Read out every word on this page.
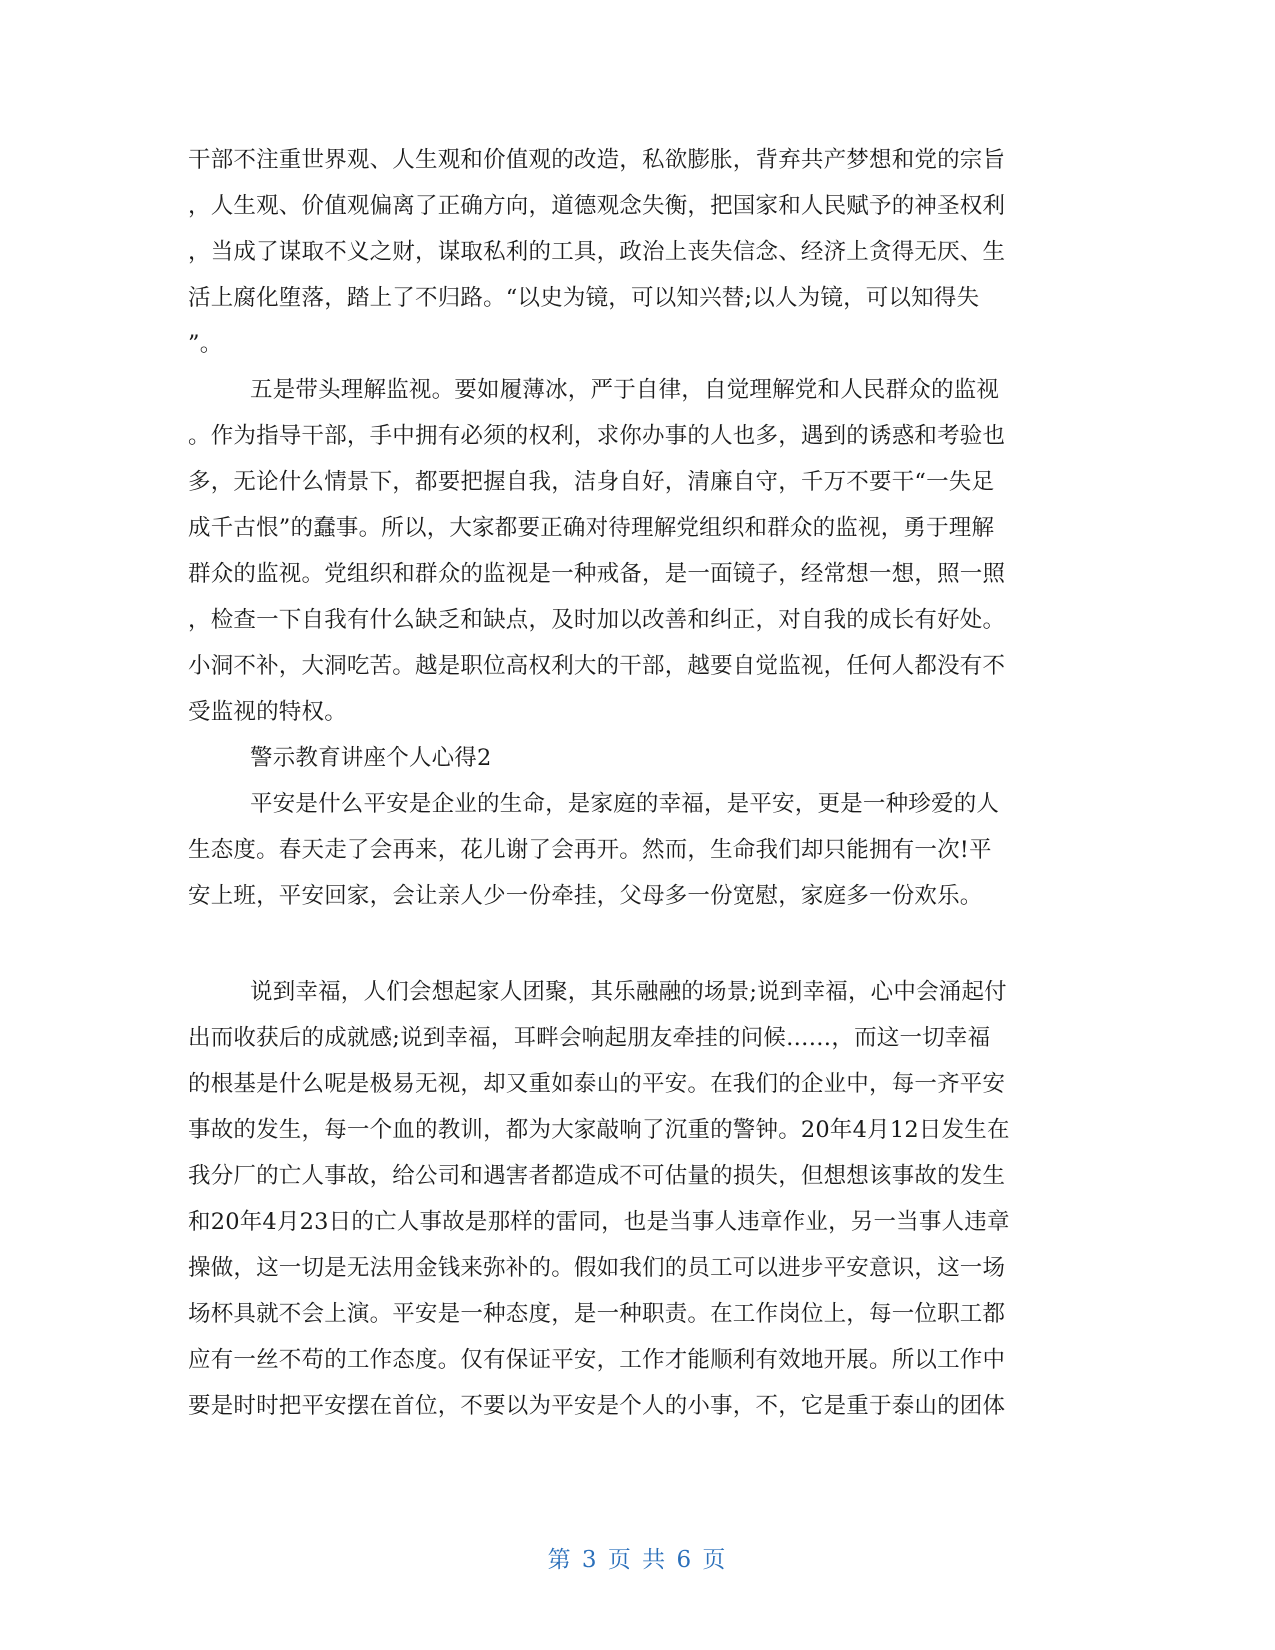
干部不注重世界观、人生观和价值观的改造，私欲膨胀，背弃共产梦想和党的宗旨
，人生观、价值观偏离了正确方向，道德观念失衡，把国家和人民赋予的神圣权利
，当成了谋取不义之财，谋取私利的工具，政治上丧失信念、经济上贪得无厌、生
活上腐化堕落，踏上了不归路。“以史为镜，可以知兴替;以人为镜，可以知得失
”。
五是带头理解监视。要如履薄冰，严于自律，自觉理解党和人民群众的监视
。作为指导干部，手中拥有必须的权利，求你办事的人也多，遇到的诱惑和考验也
多，无论什么情景下，都要把握自我，洁身自好，清廉自守，千万不要干“一失足
成千古恨”的蠢事。所以，大家都要正确对待理解党组织和群众的监视，勇于理解
群众的监视。党组织和群众的监视是一种戒备，是一面镜子，经常想一想，照一照
，检查一下自我有什么缺乏和缺点，及时加以改善和纠正，对自我的成长有好处。
小洞不补，大洞吃苦。越是职位高权利大的干部，越要自觉监视，任何人都没有不
受监视的特权。
警示教育讲座个人心得2
平安是什么平安是企业的生命，是家庭的幸福，是平安，更是一种珍爱的人
生态度。春天走了会再来，花儿谢了会再开。然而，生命我们却只能拥有一次!平
安上班，平安回家，会让亲人少一份牵挂，父母多一份宽慰，家庭多一份欢乐。
说到幸福，人们会想起家人团聚，其乐融融的场景;说到幸福，心中会涌起付
出而收获后的成就感;说到幸福，耳畔会响起朋友牵挂的问候……，而这一切幸福
的根基是什么呢是极易无视，却又重如泰山的平安。在我们的企业中，每一齐平安
事故的发生，每一个血的教训，都为大家敲响了沉重的警钟。20年4月12日发生在
我分厂的亡人事故，给公司和遇害者都造成不可估量的损失，但想想该事故的发生
和20年4月23日的亡人事故是那样的雷同，也是当事人违章作业，另一当事人违章
操做，这一切是无法用金钱来弥补的。假如我们的员工可以进步平安意识，这一场
场杯具就不会上演。平安是一种态度，是一种职责。在工作岗位上，每一位职工都
应有一丝不苟的工作态度。仅有保证平安，工作才能顺利有效地开展。所以工作中
要是时时把平安摆在首位，不要以为平安是个人的小事，不，它是重于泰山的团体
第 3 页 共 6 页
